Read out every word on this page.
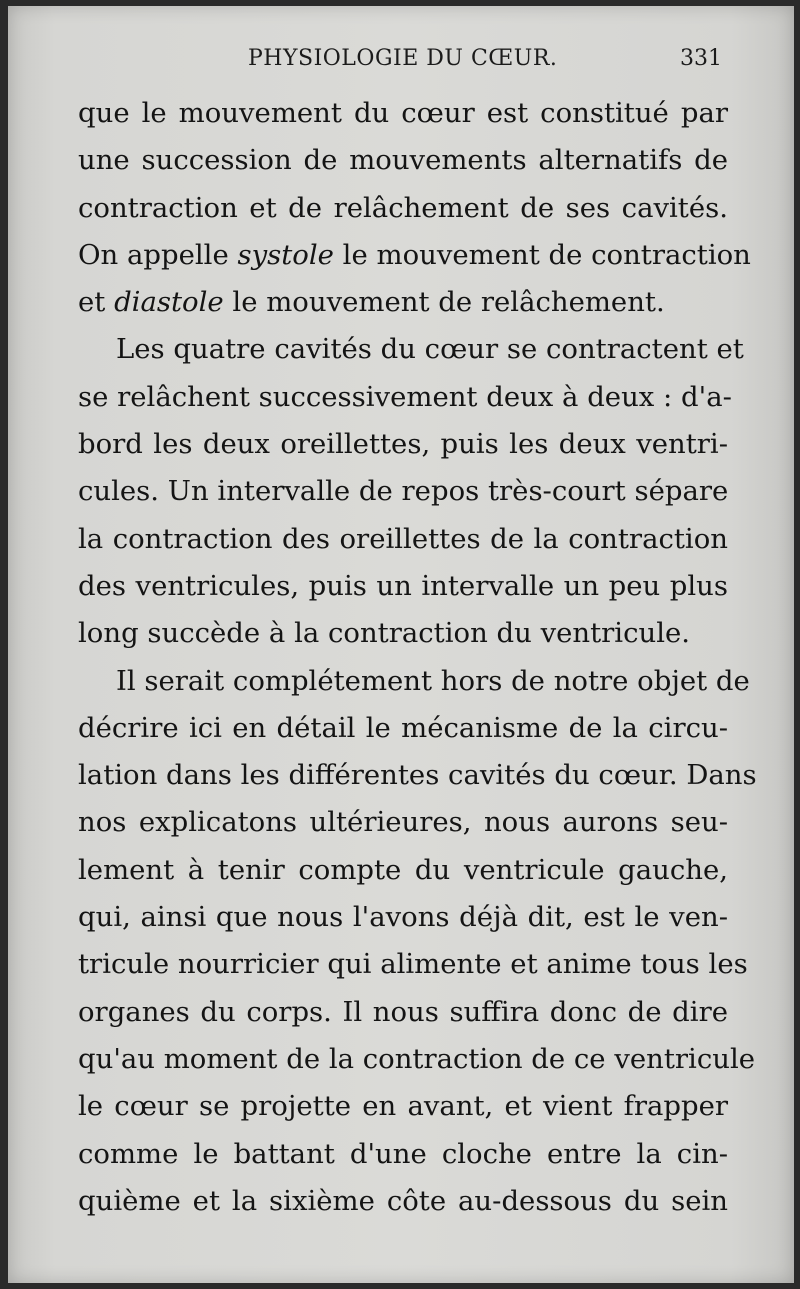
PHYSIOLOGIE DU CŒUR.	331
que le mouvement du cœur est constitué par
une succession de mouvements alternatifs de
contraction et de relâchement de ses cavités.
On appelle systole le mouvement de contraction
et diastole le mouvement de relâchement.
Les quatre cavités du cœur se contractent et
se relâchent successivement deux à deux : d'a-
bord les deux oreillettes, puis les deux ventri-
cules. Un intervalle de repos très-court sépare
la contraction des oreillettes de la contraction
des ventricules, puis un intervalle un peu plus
long succède à la contraction du ventricule.
Il serait complétement hors de notre objet de
décrire ici en détail le mécanisme de la circu-
lation dans les différentes cavités du cœur. Dans
nos explicatons ultérieures, nous aurons seu-
lement à tenir compte du ventricule gauche,
qui, ainsi que nous l'avons déjà dit, est le ven-
tricule nourricier qui alimente et anime tous les
organes du corps. Il nous suffira donc de dire
qu'au moment de la contraction de ce ventricule
le cœur se projette en avant, et vient frapper
comme le battant d'une cloche entre la cin-
quième et la sixième côte au-dessous du sein
